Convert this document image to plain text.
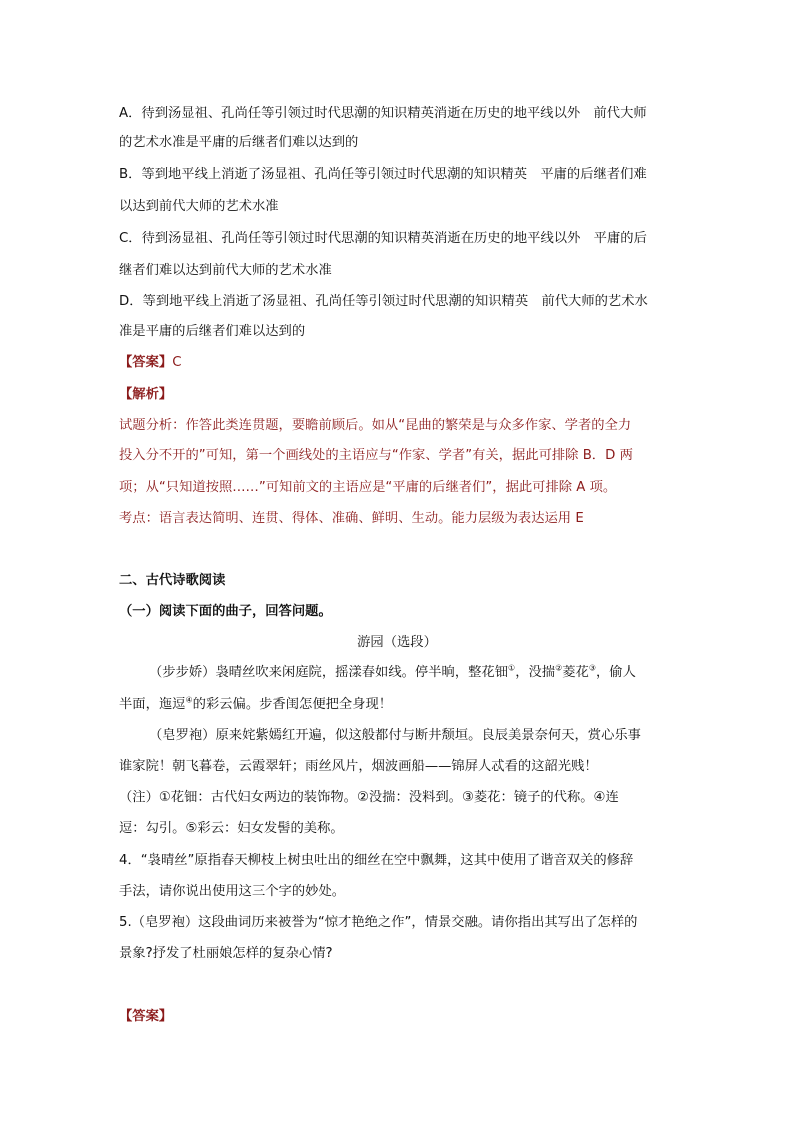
A．待到汤显祖、孔尚任等引领过时代思潮的知识精英消逝在历史的地平线以外　前代大师
的艺术水准是平庸的后继者们难以达到的
B．等到地平线上消逝了汤显祖、孔尚任等引领过时代思潮的知识精英　平庸的后继者们难
以达到前代大师的艺术水准
C．待到汤显祖、孔尚任等引领过时代思潮的知识精英消逝在历史的地平线以外　平庸的后
继者们难以达到前代大师的艺术水准
D．等到地平线上消逝了汤显祖、孔尚任等引领过时代思潮的知识精英　前代大师的艺术水
准是平庸的后继者们难以达到的
【答案】C
【解析】
试题分析：作答此类连贯题，要瞻前顾后。如从“昆曲的繁荣是与众多作家、学者的全力
投入分不开的”可知，第一个画线处的主语应与“作家、学者”有关，据此可排除 B．D 两
项；从“只知道按照……”可知前文的主语应是“平庸的后继者们”，据此可排除 A 项。
考点：语言表达简明、连贯、得体、准确、鲜明、生动。能力层级为表达运用 E
二、古代诗歌阅读
（一）阅读下面的曲子，回答问题。
游园（选段）
（步步娇）袅晴丝吹来闲庭院，摇漾春如线。停半晌，整花钿①，没揣②菱花③，偷人
半面，迤逗④的彩云偏。步香闺怎便把全身现！
（皂罗袍）原来姹紫嫣红开遍，似这般都付与断井颓垣。良辰美景奈何天，赏心乐事
谁家院！朝飞暮卷，云霞翠轩；雨丝风片，烟波画船——锦屏人忒看的这韶光贱！
（注）①花钿：古代妇女两边的装饰物。②没揣：没料到。③菱花：镜子的代称。④连
逗：勾引。⑤彩云：妇女发髻的美称。
4．“袅晴丝”原指春天柳枝上树虫吐出的细丝在空中飘舞，这其中使用了谐音双关的修辞
手法，请你说出使用这三个字的妙处。
5.（皂罗袍）这段曲词历来被誉为“惊才艳绝之作”，情景交融。请你指出其写出了怎样的
景象?抒发了杜丽娘怎样的复杂心情?
【答案】
